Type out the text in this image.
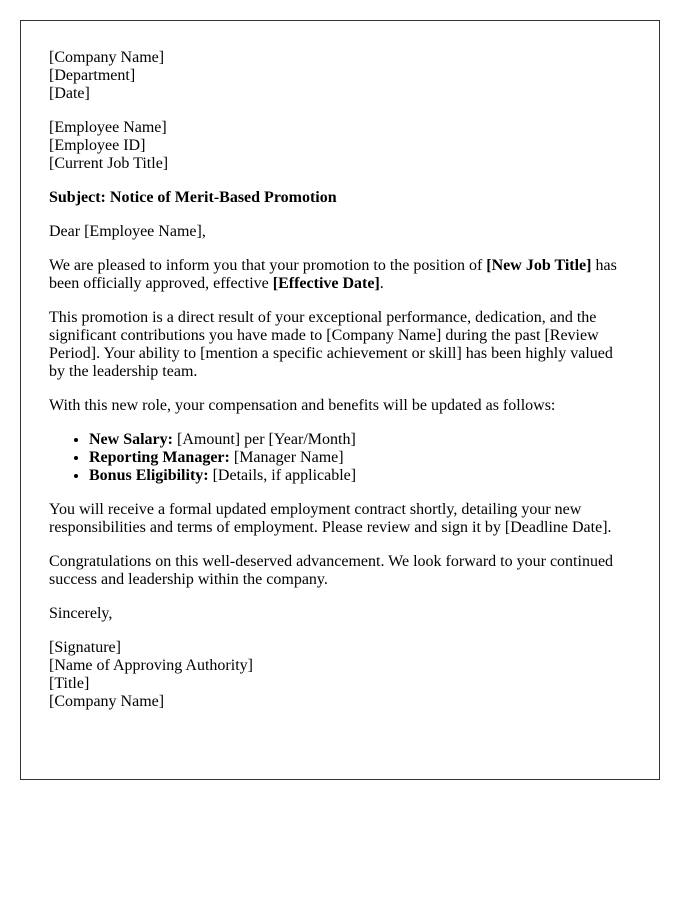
[Company Name]
[Department]
[Date]
[Employee Name]
[Employee ID]
[Current Job Title]

Subject: Notice of Merit-Based Promotion

Dear [Employee Name],

We are pleased to inform you that your promotion to the position of [New Job Title] has been officially approved, effective [Effective Date].

This promotion is a direct result of your exceptional performance, dedication, and the significant contributions you have made to [Company Name] during the past [Review Period]. Your ability to [mention a specific achievement or skill] has been highly valued by the leadership team.

With this new role, your compensation and benefits will be updated as follows:

• New Salary: [Amount] per [Year/Month]
• Reporting Manager: [Manager Name]
• Bonus Eligibility: [Details, if applicable]

You will receive a formal updated employment contract shortly, detailing your new responsibilities and terms of employment. Please review and sign it by [Deadline Date].

Congratulations on this well-deserved advancement. We look forward to your continued success and leadership within the company.

Sincerely,

[Signature]
[Name of Approving Authority]
[Title]
[Company Name]
